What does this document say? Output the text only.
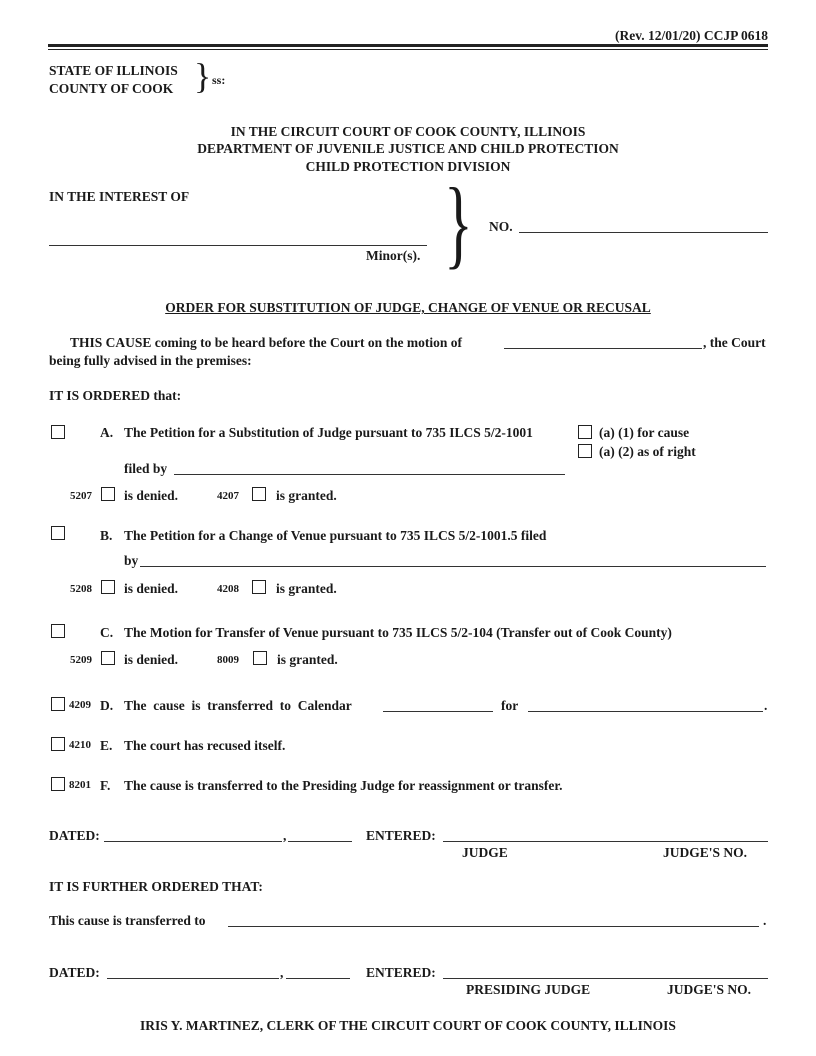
(Rev. 12/01/20) CCJP 0618
STATE OF ILLINOIS
COUNTY OF COOK } ss:
IN THE CIRCUIT COURT OF COOK COUNTY, ILLINOIS
DEPARTMENT OF JUVENILE JUSTICE AND CHILD PROTECTION
CHILD PROTECTION DIVISION
IN THE INTEREST OF
Minor(s). } NO.
ORDER FOR SUBSTITUTION OF JUDGE, CHANGE OF VENUE OR RECUSAL
THIS CAUSE coming to be heard before the Court on the motion of	, the Court
being fully advised in the premises:
IT IS ORDERED that:
A. The Petition for a Substitution of Judge pursuant to 735 ILCS 5/2-1001	(a) (1) for cause
(a) (2) as of right
filed by
5207 is denied.	4207	is granted.
B. The Petition for a Change of Venue pursuant to 735 ILCS 5/2-1001.5 filed
by
5208 is denied.	4208	is granted.
C. The Motion for Transfer of Venue pursuant to 735 ILCS 5/2-104 (Transfer out of Cook County)
5209 is denied.	8009	is granted.
4209 D. The  cause  is  transferred  to  Calendar	for	.
4210 E. The court has recused itself.
8201 F. The cause is transferred to the Presiding Judge for reassignment or transfer.
DATED:	,	ENTERED:
JUDGE	JUDGE'S NO.
IT IS FURTHER ORDERED THAT:
This cause is transferred to	.
DATED:	,	ENTERED:
PRESIDING JUDGE	JUDGE'S NO.
IRIS Y. MARTINEZ, CLERK OF THE CIRCUIT COURT OF COOK COUNTY, ILLINOIS
